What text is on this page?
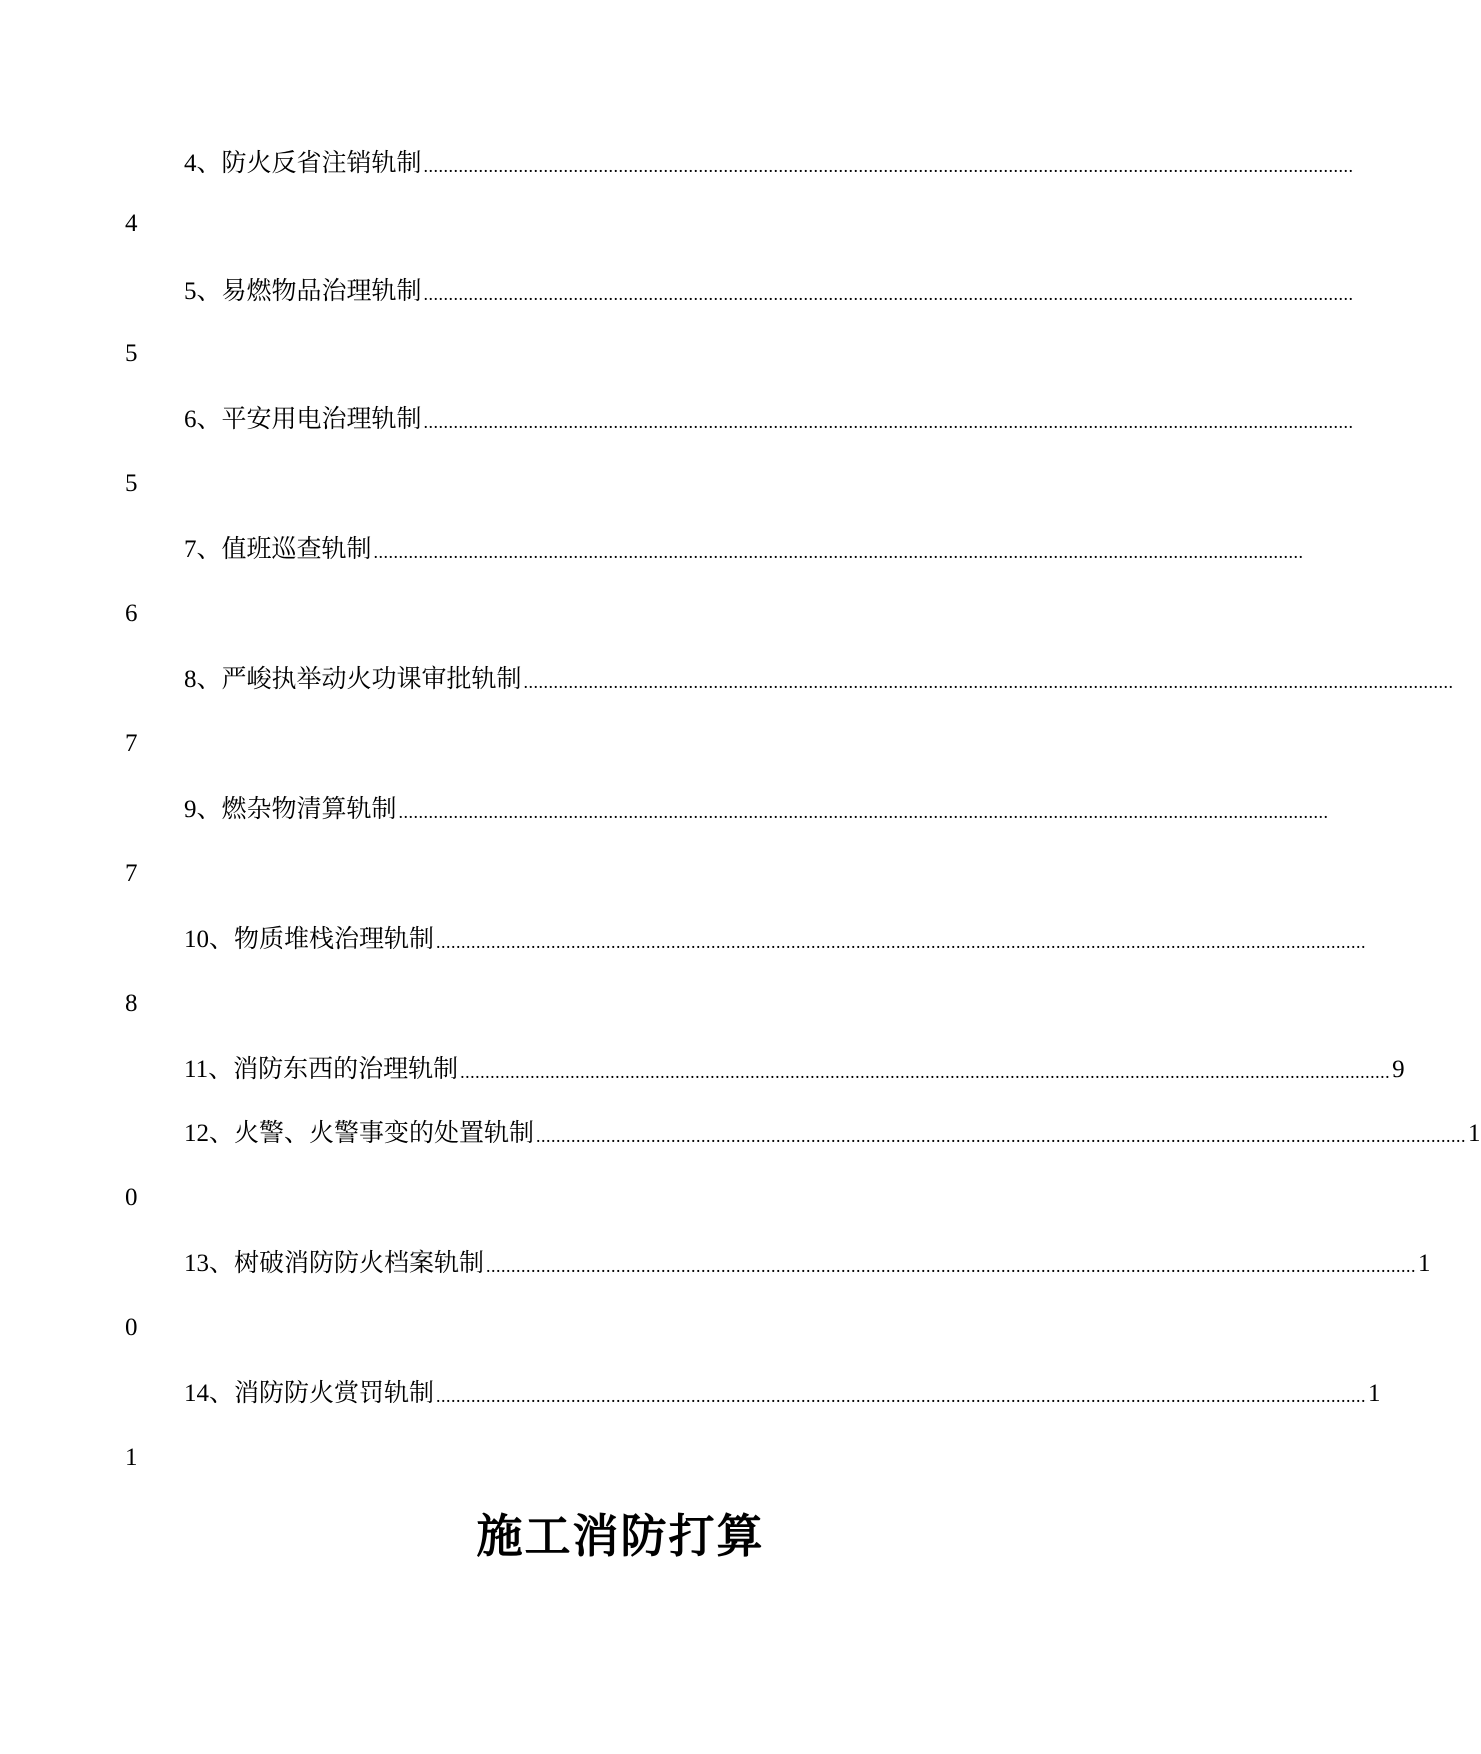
4、防火反省注销轨制 ..........................................................................................................................................................................................
4
5、易燃物品治理轨制 ..........................................................................................................................................................................................
5
6、平安用电治理轨制 ..........................................................................................................................................................................................
5
7、值班巡查轨制 ..........................................................................................................................................................................................
6
8、严峻执举动火功课审批轨制 ..........................................................................................................................................................................................
7
9、燃杂物清算轨制 ..........................................................................................................................................................................................
7
10、物质堆栈治理轨制 ..........................................................................................................................................................................................
8
11、消防东西的治理轨制 .......................................................................................................................................................................................... 9
12、火警、火警事变的处置轨制 .......................................................................................................................................................................................... 1
0
13、树破消防防火档案轨制 .......................................................................................................................................................................................... 1
0
14、消防防火赏罚轨制 .......................................................................................................................................................................................... 1
1
施工消防打算
